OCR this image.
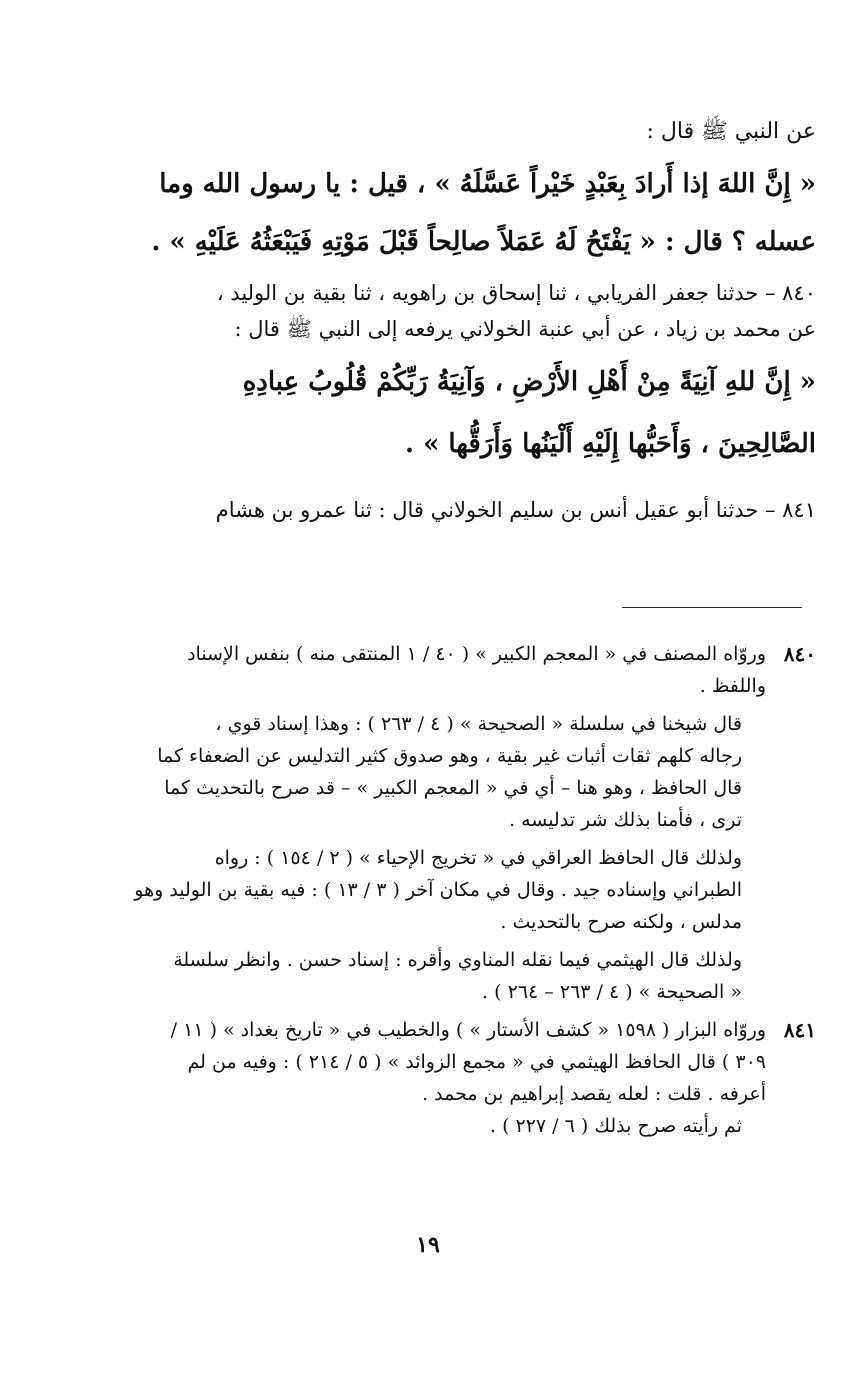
عن النبي ﷺ قال :
« إِنَّ اللهَ إذا أَرادَ بِعَبْدٍ خَيْراً عَسَّلَهُ » ، قيل : يا رسول الله وما
عسله ؟ قال : « يَفْتَحُ لَهُ عَمَلاً صالِحاً قَبْلَ مَوْتِهِ فَيَبْعَثُهُ عَلَيْهِ » .
٨٤٠ – حدثنا جعفر الفريابي ، ثنا إسحاق بن راهويه ، ثنا بقية بن الوليد ،
عن محمد بن زياد ، عن أبي عنبة الخولاني يرفعه إلى النبي ﷺ قال :
« إِنَّ للهِ آنِيَةً مِنْ أَهْلِ الأَرْضِ ، وَآنِيَةُ رَبِّكُمْ قُلُوبُ عِبادِهِ
الصَّالِحِينَ ، وَأَحَبُّها إِلَيْهِ أَلْيَنُها وَأَرَقُّها » .
٨٤١ – حدثنا أبو عقيل أنس بن سليم الخولاني قال : ثنا عمرو بن هشام
٨٤٠
وروّاه المصنف في « المعجم الكبير » ( ٤٠ / ١ المنتقى منه ) بنفس الإسناد
واللفظ .
قال شيخنا في سلسلة « الصحيحة » ( ٤ / ٢٦٣ ) : وهذا إسناد قوي ،
رجاله كلهم ثقات أثبات غير بقية ، وهو صدوق كثير التدليس عن الضعفاء كما
قال الحافظ ، وهو هنا – أي في « المعجم الكبير » – قد صرح بالتحديث كما
ترى ، فأمنا بذلك شر تدليسه .
ولذلك قال الحافظ العراقي في « تخريج الإحياء » ( ٢ / ١٥٤ ) : رواه
الطبراني وإسناده جيد . وقال في مكان آخر ( ٣ / ١٣ ) : فيه بقية بن الوليد وهو
مدلس ، ولكنه صرح بالتحديث .
ولذلك قال الهيثمي فيما نقله المناوي وأقره : إسناد حسن . وانظر سلسلة
« الصحيحة » ( ٤ / ٢٦٣ – ٢٦٤ ) .
٨٤١
وروّاه البزار ( ١٥٩٨ « كشف الأستار » ) والخطيب في « تاريخ بغداد » ( ١١ /
٣٠٩ ) قال الحافظ الهيثمي في « مجمع الزوائد » ( ٥ / ٢١٤ ) : وفيه من لم
أعرفه . قلت : لعله يقصد إبراهيم بن محمد .
ثم رأيته صرح بذلك ( ٦ / ٢٢٧ ) .
١٩
